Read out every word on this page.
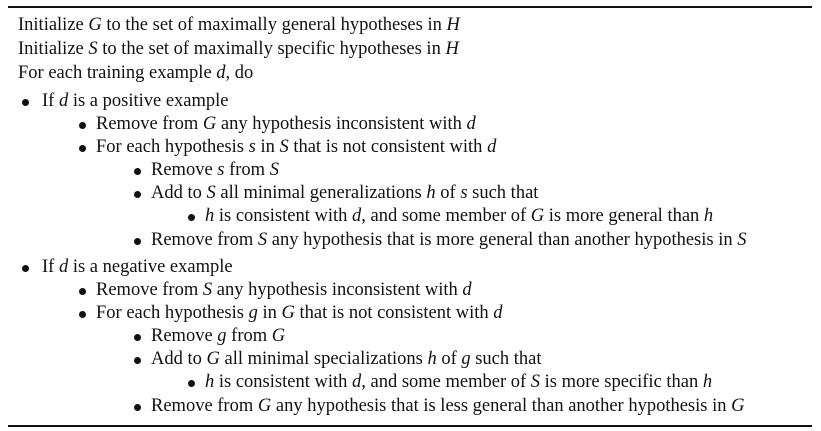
Initialize G to the set of maximally general hypotheses in H
Initialize S to the set of maximally specific hypotheses in H
For each training example d, do
If d is a positive example
Remove from G any hypothesis inconsistent with d
For each hypothesis s in S that is not consistent with d
Remove s from S
Add to S all minimal generalizations h of s such that
h is consistent with d, and some member of G is more general than h
Remove from S any hypothesis that is more general than another hypothesis in S
If d is a negative example
Remove from S any hypothesis inconsistent with d
For each hypothesis g in G that is not consistent with d
Remove g from G
Add to G all minimal specializations h of g such that
h is consistent with d, and some member of S is more specific than h
Remove from G any hypothesis that is less general than another hypothesis in G
